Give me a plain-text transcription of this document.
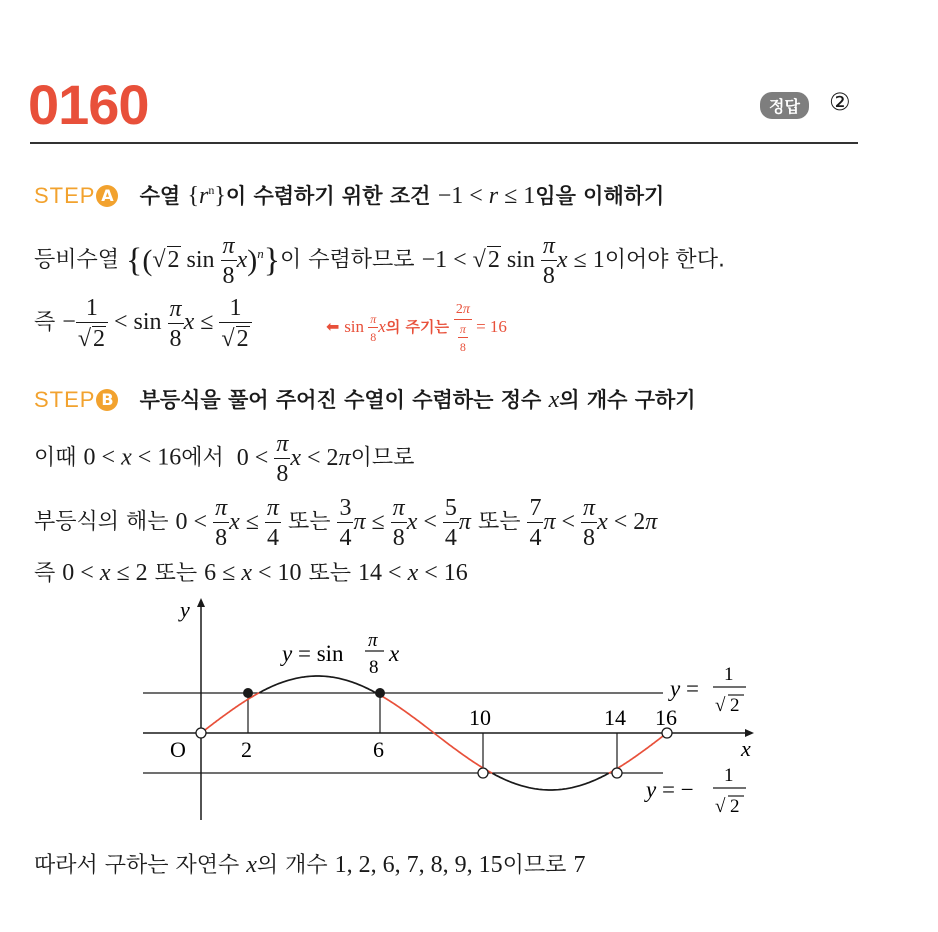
0160	정답	②
STEP A 수열 $\{r^n\}$이 수렴하기 위한 조건 −1 < r ≤ 1임을 이해하기
등비수열 {(√2 $\sin \frac{\pi}{8} x)^n$}이 수렴하므로 −1 < √2 $\sin \frac{\pi}{8}$ x ≤ 1이어야 한다.
즉 − $\frac{1}{√2} < \sin \frac{\pi}{8}$ $x \le \frac{1}{√2}$	⬅ $\sin \frac{\pi}{8}$ x의 주기는 $\frac{2\pi}{\frac{\pi}{8}} = 16$
STEP B 부등식을 풀어 주어진 수열이 수렴하는 정수 x의 개수 구하기
이때 0 < x < 16에서  $0 < \frac{\pi}{8}$ x < 2π이므로
부등식의 해는 $0 < \frac{\pi}{8}$ $x \le \frac{\pi}{4}$ 또는 $\frac{3}{4}$ $\pi \le \frac{\pi}{8}$ $x < \frac{5}{4}$ π 또는 $\frac{7}{4}$ $\pi < \frac{\pi}{8}$ x < 2π
즉 0 < x ≤ 2 또는 6 ≤ x < 10 또는 14 < x < 16
y
x
O	2	6
10	14 16
y = sin
π
8
x
y =
1
√ 2
y = −
1
√ 2
따라서 구하는 자연수 x의 개수 1, 2, 6, 7, 8, 9, 15이므로 7
